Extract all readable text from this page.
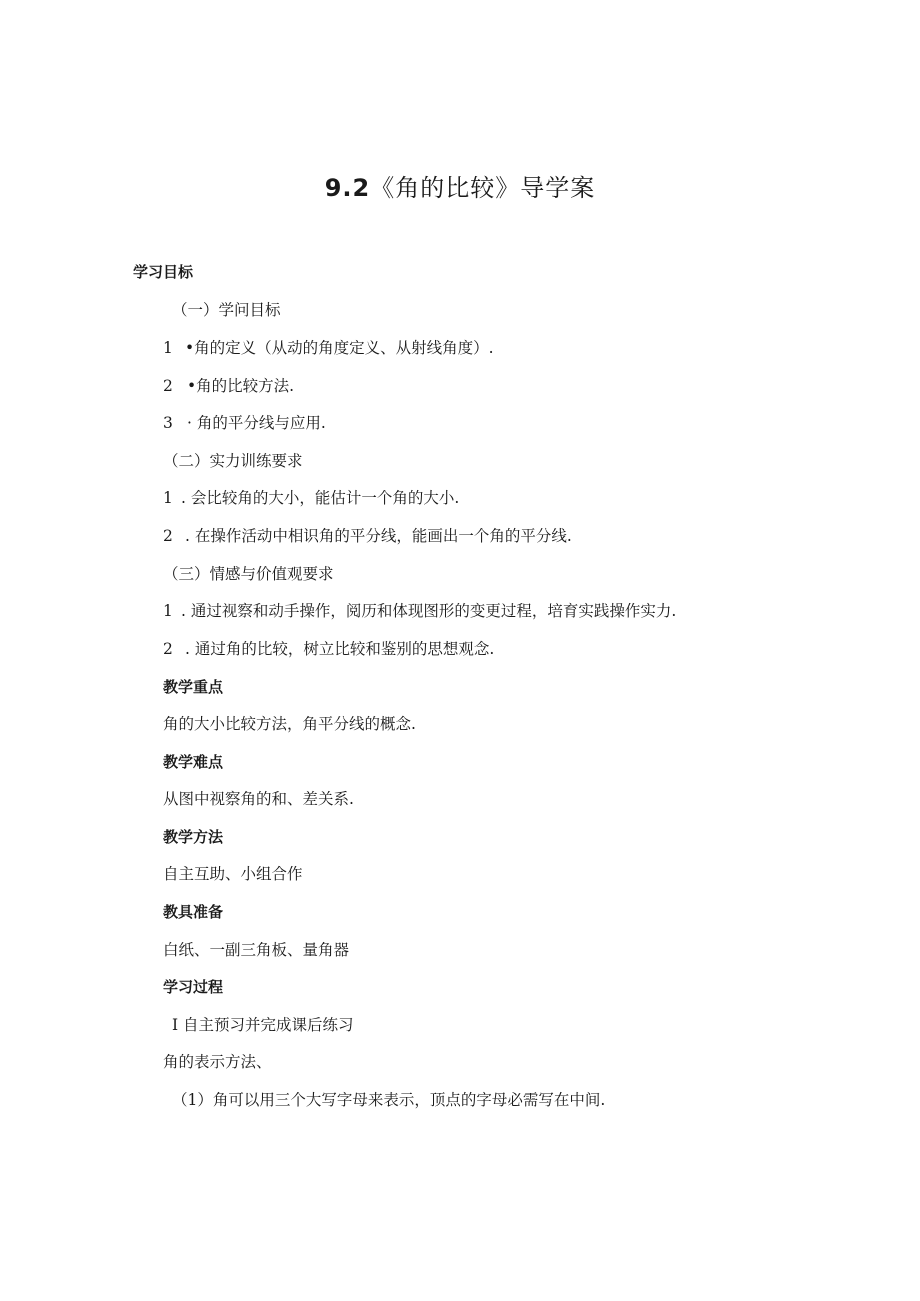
9.2《角的比较》导学案
学习目标
（一）学问目标
1 •角的定义（从动的角度定义、从射线角度）.
2 •角的比较方法.
3 · 角的平分线与应用.
（二）实力训练要求
1 . 会比较角的大小，能估计一个角的大小.
2 . 在操作活动中相识角的平分线，能画出一个角的平分线.
（三）情感与价值观要求
1 . 通过视察和动手操作，阅历和体现图形的变更过程，培育实践操作实力.
2 . 通过角的比较，树立比较和鉴别的思想观念.
教学重点
角的大小比较方法，角平分线的概念.
教学难点
从图中视察角的和、差关系.
教学方法
自主互助、小组合作
教具准备
白纸、一副三角板、量角器
学习过程
I 自主预习并完成课后练习
角的表示方法、
（1）角可以用三个大写字母来表示，顶点的字母必需写在中间.
